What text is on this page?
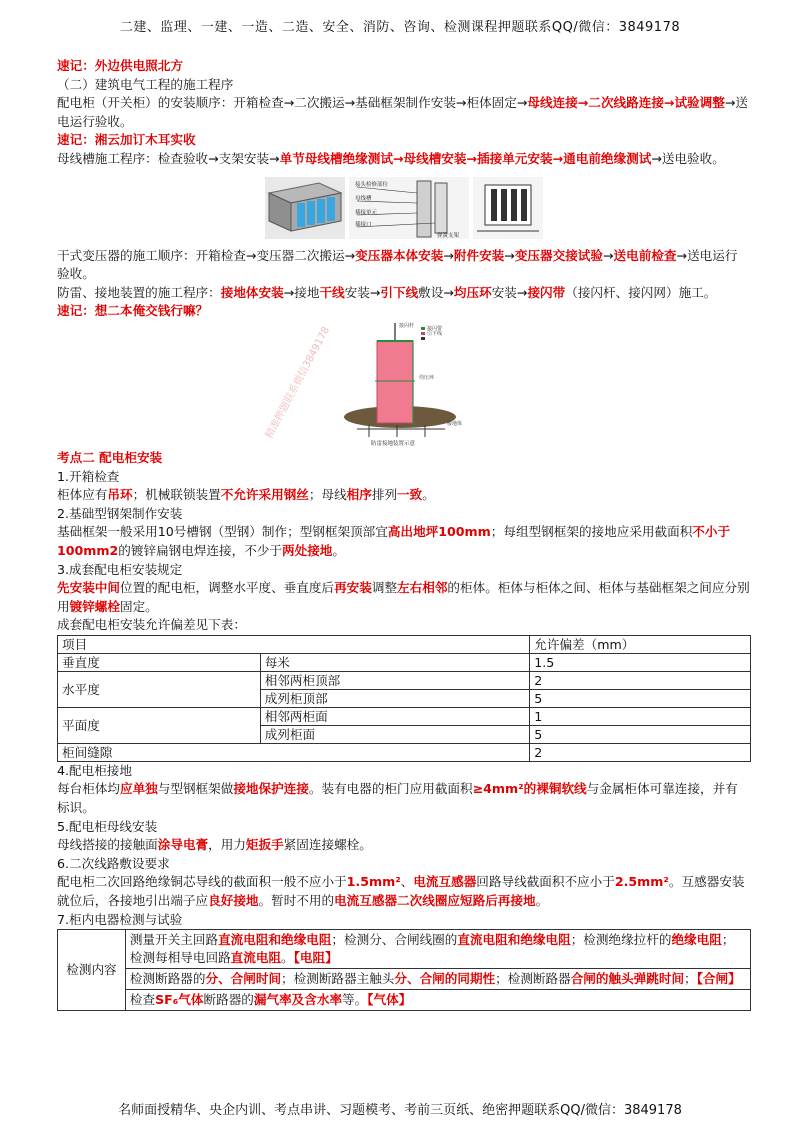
二建、监理、一建、一造、二造、安全、消防、咨询、检测课程押题联系QQ/微信：3849178

速记：外边供电照北方

（二）建筑电气工程的施工程序

配电柜（开关柜）的安装顺序：开箱检查→二次搬运→基础框架制作安装→柜体固定→母线连接→二次线路连接→试验调整→送电运行验收。

速记：湘云加订木耳实收

母线槽施工程序：检查验收→支架安装→单节母线槽绝缘测试→母线槽安装→插接单元安装→通电前绝缘测试→送电验收。

接头检修部位
母线槽
插接单元
插接口
弹簧支架

干式变压器的施工顺序：开箱检查→变压器二次搬运→变压器本体安装→附件安装→变压器交接试验→送电前检查→送电运行验收。

防雷、接地装置的施工程序：接地体安装→接地干线安装→引下线敷设→均压环安装→接闪带（接闪杆、接闪网）施工。

速记：想二本俺交钱行嘛？

接闪杆	接闪带
引下线
均压环
接地体
防雷接地装置示意
精准押题联系微信3849178

考点二 配电柜安装

1.开箱检查

柜体应有吊环；机械联锁装置不允许采用钢丝；母线相序排列一致。

2.基础型钢架制作安装

基础框架一般采用10号槽钢（型钢）制作；型钢框架顶部宜高出地坪100mm；每组型钢框架的接地应采用截面积不小于100mm2的镀锌扁钢电焊连接，不少于两处接地。

3.成套配电柜安装规定

先安装中间位置的配电柜，调整水平度、垂直度后再安装调整左右相邻的柜体。柜体与柜体之间、柜体与基础框架之间应分别用镀锌螺栓固定。

成套配电柜安装允许偏差见下表：

项目		允许偏差（mm）
垂直度	每米	1.5
水平度	相邻两柜顶部	2
	成列柜顶部	5
平面度	相邻两柜面	1
	成列柜面	5
柜间缝隙		2

4.配电柜接地

每台柜体均应单独与型钢框架做接地保护连接。装有电器的柜门应用截面积≥4mm²的裸铜软线与金属柜体可靠连接，并有标识。

5.配电柜母线安装

母线搭接的接触面涂导电膏，用力矩扳手紧固连接螺栓。

6.二次线路敷设要求

配电柜二次回路绝缘铜芯导线的截面积一般不应小于1.5mm²、电流互感器回路导线截面积不应小于2.5mm²。互感器安装就位后，各接地引出端子应良好接地。暂时不用的电流互感器二次线圈应短路后再接地。

7.柜内电器检测与试验

检测内容	测量开关主回路直流电阻和绝缘电阻；检测分、合闸线圈的直流电阻和绝缘电阻；检测绝缘拉杆的绝缘电阻；检测每相导电回路直流电阻。【电阻】
检测断路器的分、合闸时间；检测断路器主触头分、合闸的同期性；检测断路器合闸的触头弹跳时间；【合闸】
检查SF₆气体断路器的漏气率及含水率等。【气体】
名师面授精华、央企内训、考点串讲、习题模考、考前三页纸、绝密押题联系QQ/微信：3849178
